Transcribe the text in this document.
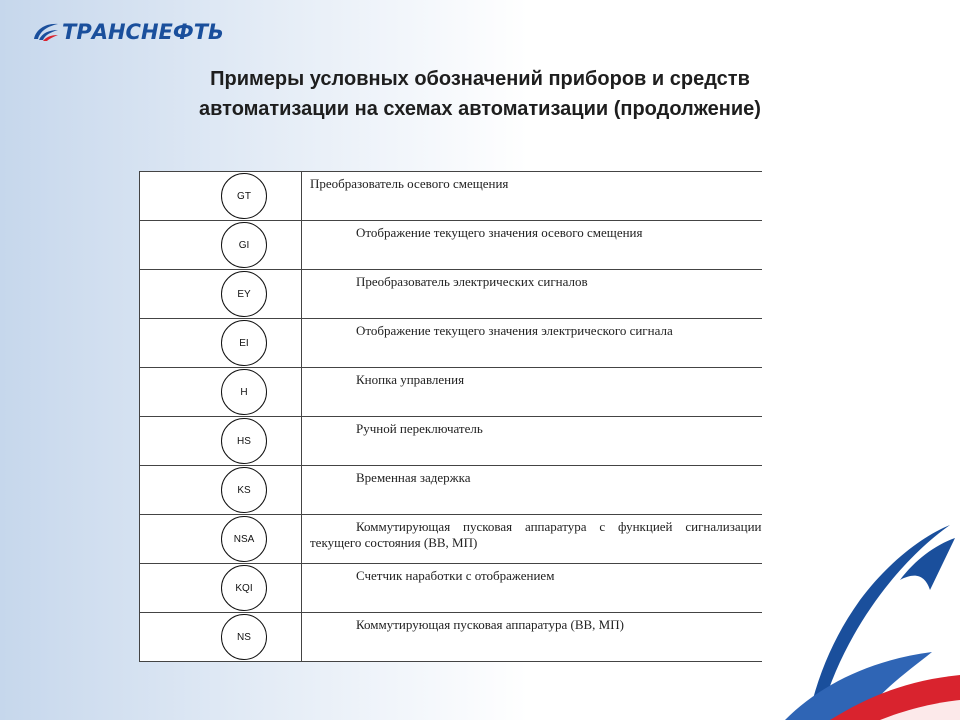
ТРАНСНЕФТЬ
Примеры условных обозначений приборов и средств
автоматизации на схемах автоматизации (продолжение)
GT	Преобразователь осевого смещения

GI	Отображение текущего значения осевого смещения

EY	Преобразователь электрических сигналов

EI	Отображение текущего значения электрического сигнала

H	Кнопка управления

HS	Ручной переключатель

KS	Временная задержка

NSA	Коммутирующая пусковая аппаратура с функцией сигнализации текущего состояния (ВВ, МП)

KQI	Счетчик наработки с отображением

NS	Коммутирующая пусковая аппаратура (ВВ, МП)
